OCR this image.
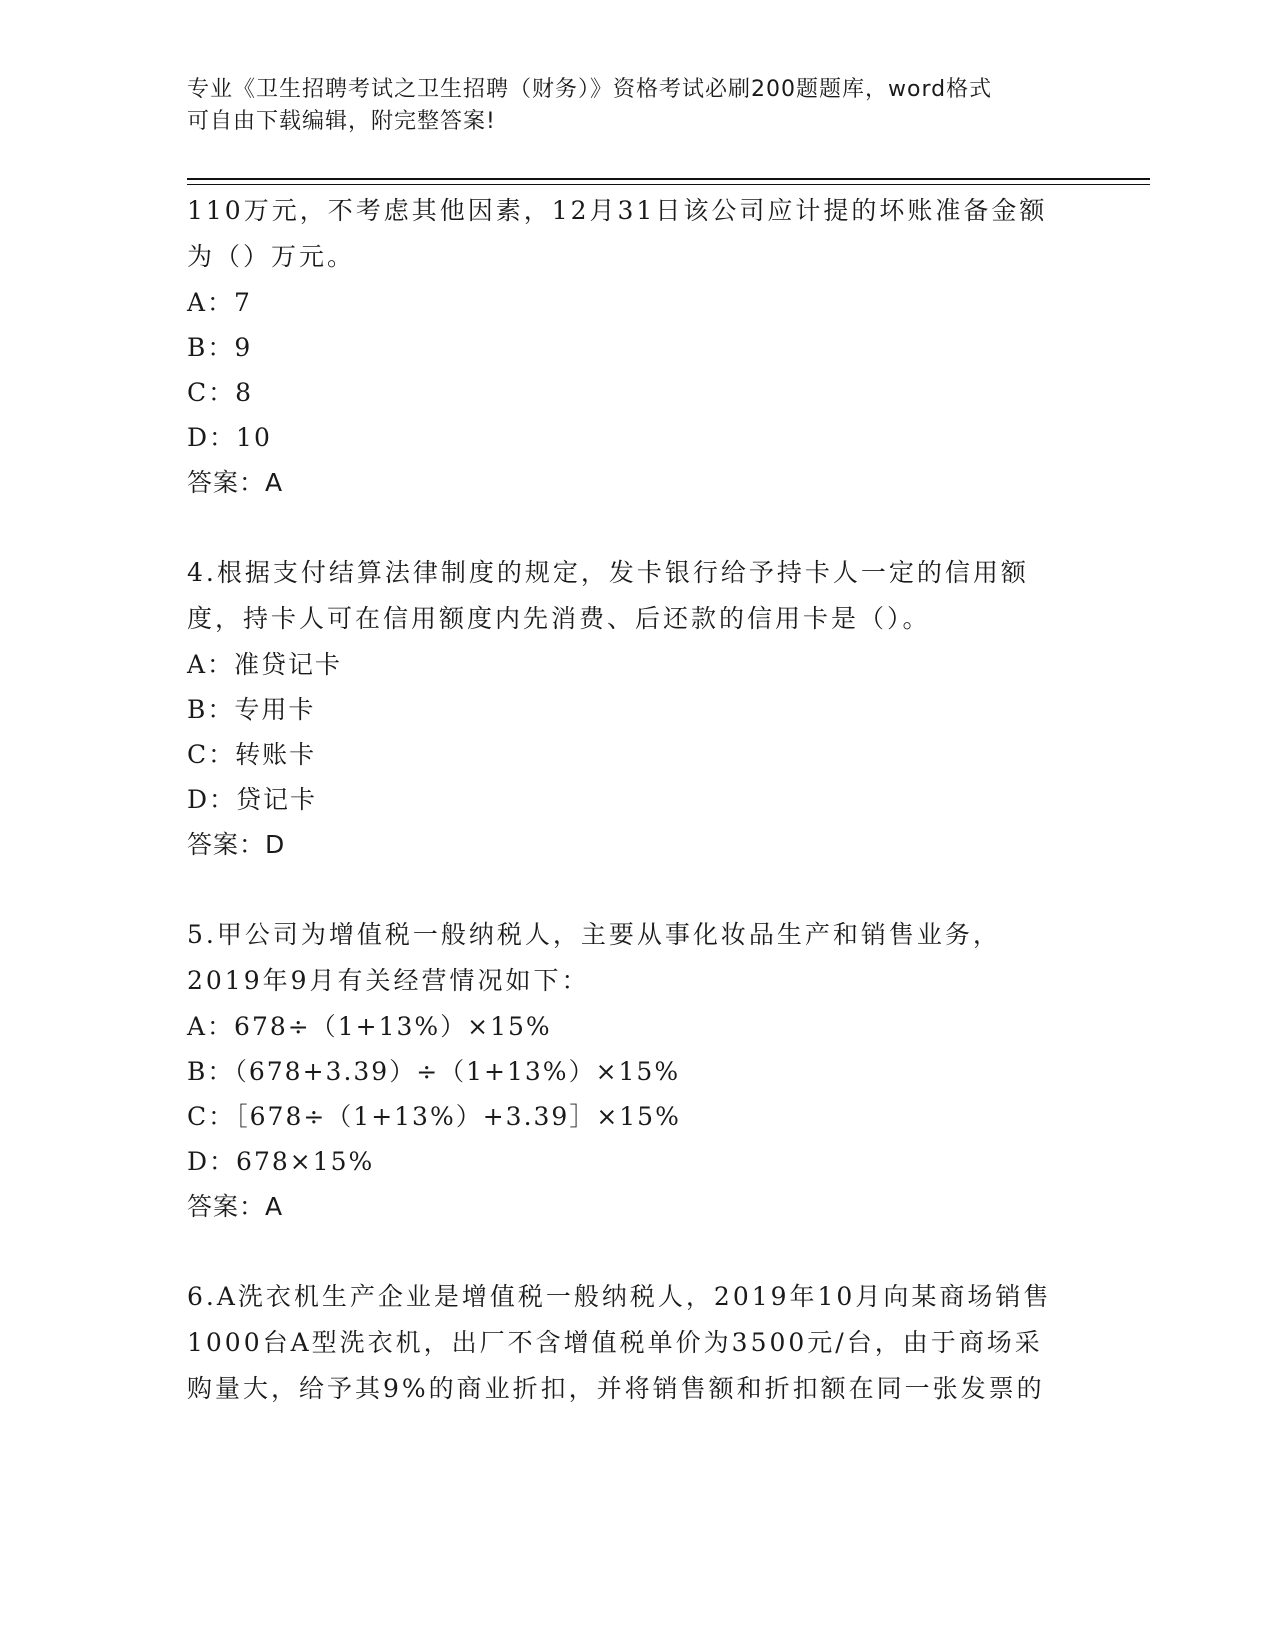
专业《卫生招聘考试之卫生招聘（财务）》资格考试必刷200题题库，word格式
可自由下载编辑，附完整答案!
110万元，不考虑其他因素，12月31日该公司应计提的坏账准备金额
为（）万元。
A：7
B：9
C：8
D：10
答案：A
4.根据支付结算法律制度的规定，发卡银行给予持卡人一定的信用额
度，持卡人可在信用额度内先消费、后还款的信用卡是（）。
A：准贷记卡
B：专用卡
C：转账卡
D：贷记卡
答案：D
5.甲公司为增值税一般纳税人，主要从事化妆品生产和销售业务，
2019年9月有关经营情况如下：
A：678÷（1+13%）×15%
B：（678+3.39）÷（1+13%）×15%
C：［678÷（1+13%）+3.39］×15%
D：678×15%
答案：A
6.A洗衣机生产企业是增值税一般纳税人，2019年10月向某商场销售
1000台A型洗衣机，出厂不含增值税单价为3500元/台，由于商场采
购量大，给予其9%的商业折扣，并将销售额和折扣额在同一张发票的
